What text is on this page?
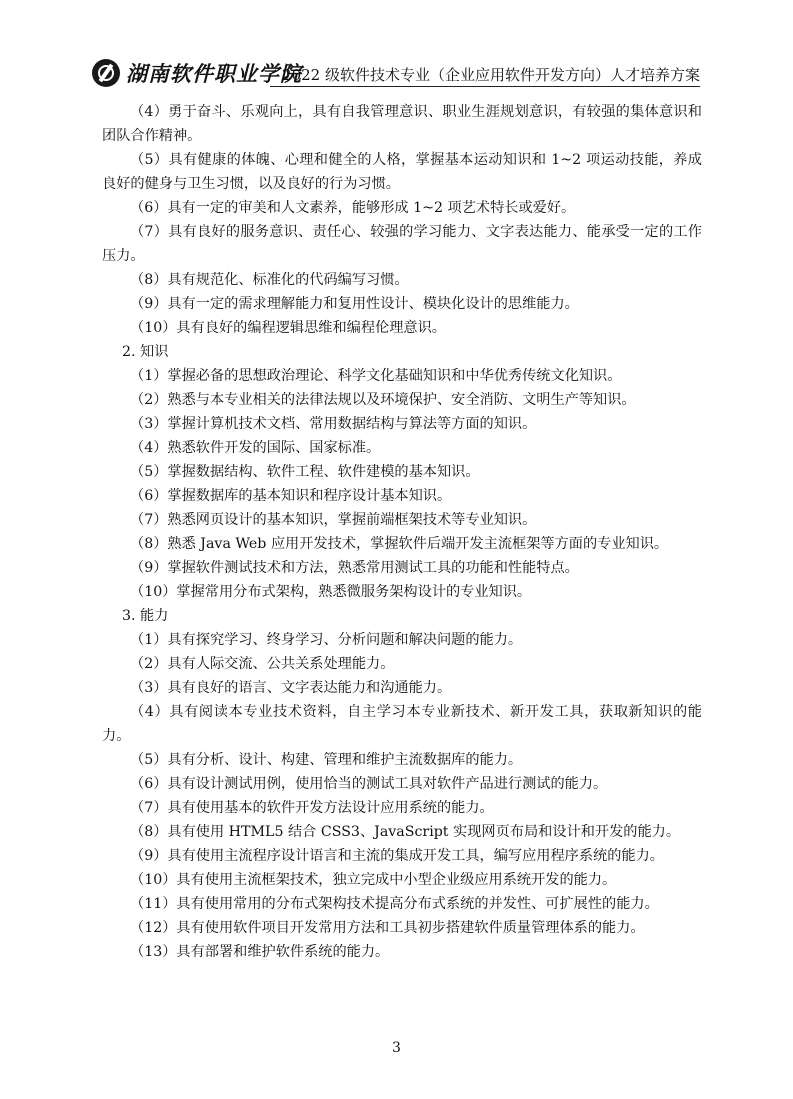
湖南软件职业学院
2022 级软件技术专业（企业应用软件开发方向）人才培养方案

（4）勇于奋斗、乐观向上，具有自我管理意识、职业生涯规划意识，有较强的集体意识和团队合作精神。

（5）具有健康的体魄、心理和健全的人格，掌握基本运动知识和 1~2 项运动技能，养成良好的健身与卫生习惯，以及良好的行为习惯。

（6）具有一定的审美和人文素养，能够形成 1~2 项艺术特长或爱好。

（7）具有良好的服务意识、责任心、较强的学习能力、文字表达能力、能承受一定的工作压力。

（8）具有规范化、标准化的代码编写习惯。

（9）具有一定的需求理解能力和复用性设计、模块化设计的思维能力。

（10）具有良好的编程逻辑思维和编程伦理意识。

2. 知识

（1）掌握必备的思想政治理论、科学文化基础知识和中华优秀传统文化知识。

（2）熟悉与本专业相关的法律法规以及环境保护、安全消防、文明生产等知识。

（3）掌握计算机技术文档、常用数据结构与算法等方面的知识。

（4）熟悉软件开发的国际、国家标准。

（5）掌握数据结构、软件工程、软件建模的基本知识。

（6）掌握数据库的基本知识和程序设计基本知识。

（7）熟悉网页设计的基本知识，掌握前端框架技术等专业知识。

（8）熟悉 Java Web 应用开发技术，掌握软件后端开发主流框架等方面的专业知识。

（9）掌握软件测试技术和方法，熟悉常用测试工具的功能和性能特点。

（10）掌握常用分布式架构，熟悉微服务架构设计的专业知识。

3. 能力

（1）具有探究学习、终身学习、分析问题和解决问题的能力。

（2）具有人际交流、公共关系处理能力。

（3）具有良好的语言、文字表达能力和沟通能力。

（4）具有阅读本专业技术资料，自主学习本专业新技术、新开发工具，获取新知识的能力。

（5）具有分析、设计、构建、管理和维护主流数据库的能力。

（6）具有设计测试用例，使用恰当的测试工具对软件产品进行测试的能力。

（7）具有使用基本的软件开发方法设计应用系统的能力。

（8）具有使用 HTML5 结合 CSS3、JavaScript 实现网页布局和设计和开发的能力。

（9）具有使用主流程序设计语言和主流的集成开发工具，编写应用程序系统的能力。

（10）具有使用主流框架技术，独立完成中小型企业级应用系统开发的能力。

（11）具有使用常用的分布式架构技术提高分布式系统的并发性、可扩展性的能力。

（12）具有使用软件项目开发常用方法和工具初步搭建软件质量管理体系的能力。

（13）具有部署和维护软件系统的能力。

3
